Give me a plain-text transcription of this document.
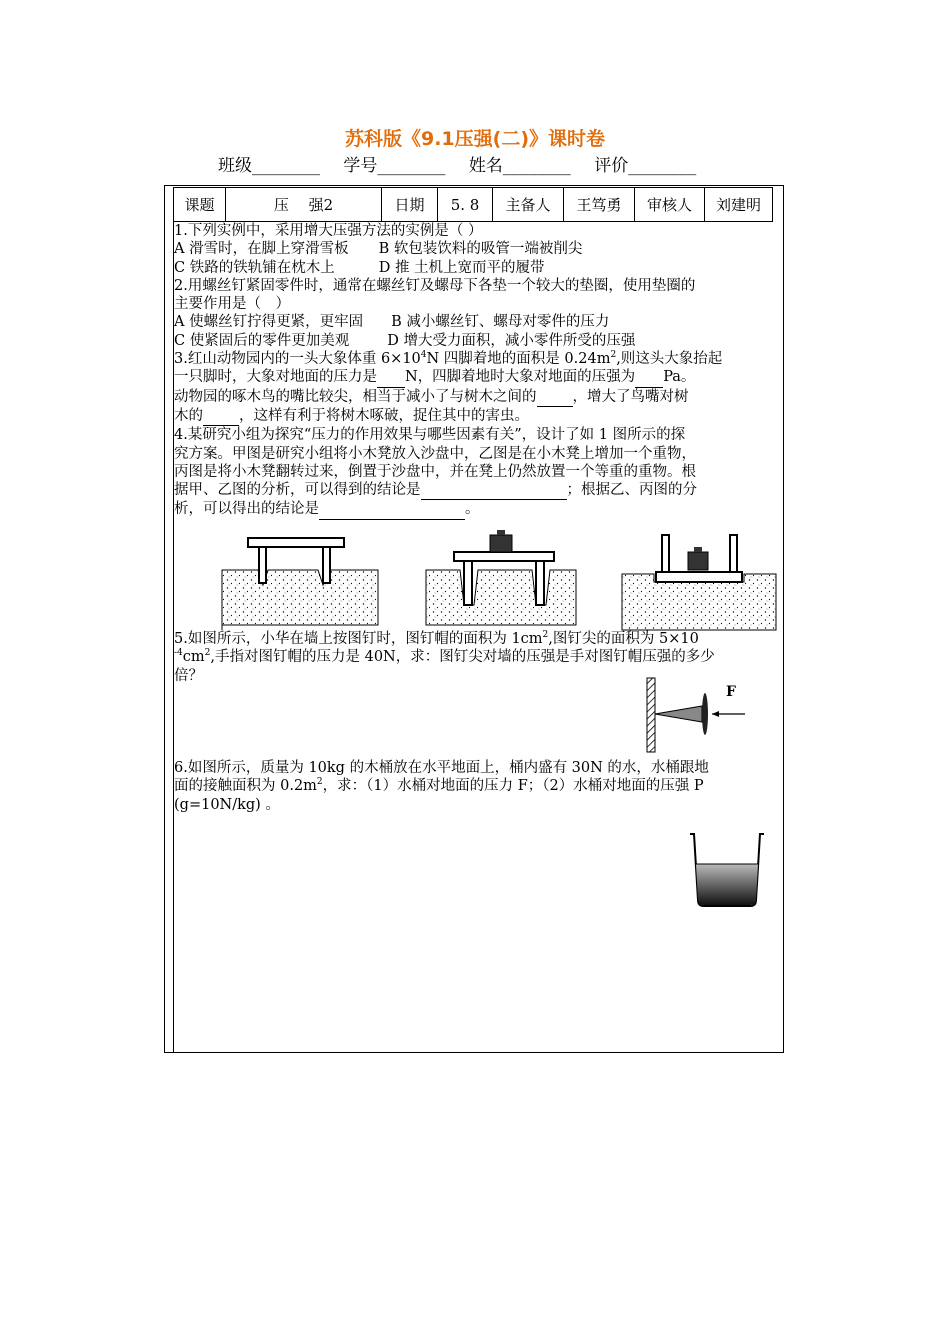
苏科版《9.1压强(二)》课时卷
班级________ 学号________ 姓名________ 评价________
课题	压　 强2	日期	5. 8	主备人	王笃勇	审核人	刘建明

1.下列实例中，采用增大压强方法的实例是（ ）

A 滑雪时，在脚上穿滑雪板 B 软包装饮料的吸管一端被削尖

C 铁路的铁轨铺在枕木上	D 推 土机上宽而平的履带

2.用螺丝钉紧固零件时，通常在螺丝钉及螺母下各垫一个较大的垫圈，使用垫圈的

主要作用是（　）

A 使螺丝钉拧得更紧，更牢固 B 减小螺丝钉、螺母对零件的压力

C 使紧固后的零件更加美观	D 增大受力面积，减小零件所受的压强

3.红山动物园内的一头大象体重 $6\times 10^4N$ 四脚着地的面积是 $0.24m^2$,则这头大象抬起

一只脚时，大象对地面的压力是 N，四脚着地时大象对地面的压强为 Pa。

动物园的啄木鸟的嘴比较尖，相当于减小了与树木之间的 ，增大了鸟嘴对树

木的 ，这样有利于将树木啄破，捉住其中的害虫。

4.某研究小组为探究“压力的作用效果与哪些因素有关”，设计了如 1 图所示的探

究方案。甲图是研究小组将小木凳放入沙盘中，乙图是在小木凳上增加一个重物，

丙图是将小木凳翻转过来，倒置于沙盘中，并在凳上仍然放置一个等重的重物。根

据甲、乙图的分析，可以得到的结论是	；根据乙、丙图的分

析，可以得出的结论是	。

5.如图所示，小华在墙上按图钉时，图钉帽的面积为 $1cm^2$,图钉尖的面积为 5×10

$^{-4}cm^2$,手指对图钉帽的压力是 40N，求：图钉尖对墙的压强是手对图钉帽压强的多少

倍？

F

6.如图所示，质量为 10kg 的木桶放在水平地面上，桶内盛有 30N 的水，水桶跟地

面的接触面积为 $0.2m^2$，求：（1）水桶对地面的压力 F；（2）水桶对地面的压强 P

(g=10N/kg) 。
